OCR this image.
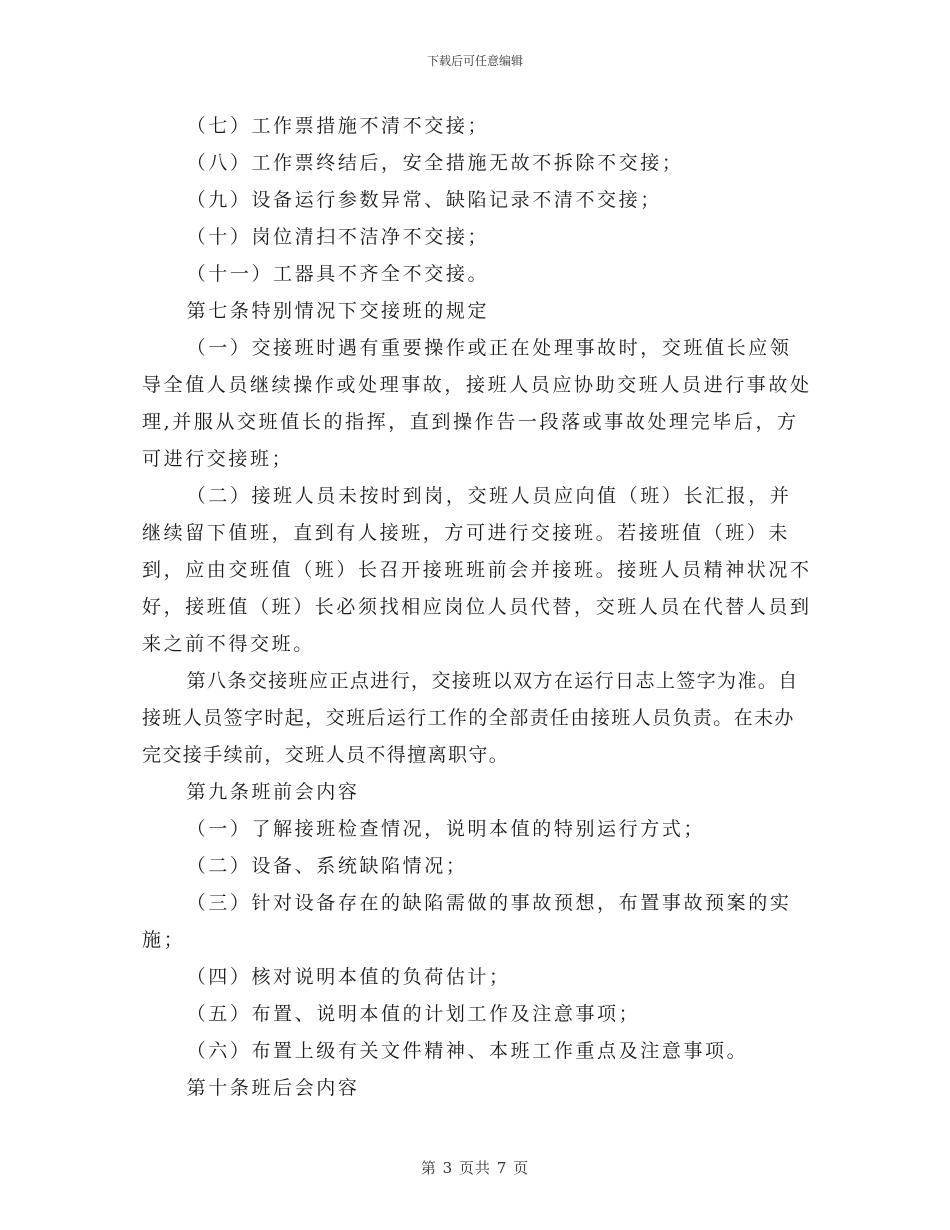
下载后可任意编辑

（七）工作票措施不清不交接；

（八）工作票终结后，安全措施无故不拆除不交接；

（九）设备运行参数异常、缺陷记录不清不交接；

（十）岗位清扫不洁净不交接；

（十一）工器具不齐全不交接。

第七条特别情况下交接班的规定

（一）交接班时遇有重要操作或正在处理事故时，交班值长应领导全值人员继续操作或处理事故，接班人员应协助交班人员进行事故处理,并服从交班值长的指挥，直到操作告一段落或事故处理完毕后，方可进行交接班；

（二）接班人员未按时到岗，交班人员应向值（班）长汇报，并继续留下值班，直到有人接班，方可进行交接班。若接班值（班）未到，应由交班值（班）长召开接班班前会并接班。接班人员精神状况不好，接班值（班）长必须找相应岗位人员代替，交班人员在代替人员到来之前不得交班。

第八条交接班应正点进行，交接班以双方在运行日志上签字为准。自接班人员签字时起，交班后运行工作的全部责任由接班人员负责。在未办完交接手续前，交班人员不得擅离职守。

第九条班前会内容

（一）了解接班检查情况，说明本值的特别运行方式；

（二）设备、系统缺陷情况；

（三）针对设备存在的缺陷需做的事故预想，布置事故预案的实施；

（四）核对说明本值的负荷估计；

（五）布置、说明本值的计划工作及注意事项；

（六）布置上级有关文件精神、本班工作重点及注意事项。

第十条班后会内容

第 3 页共 7 页
